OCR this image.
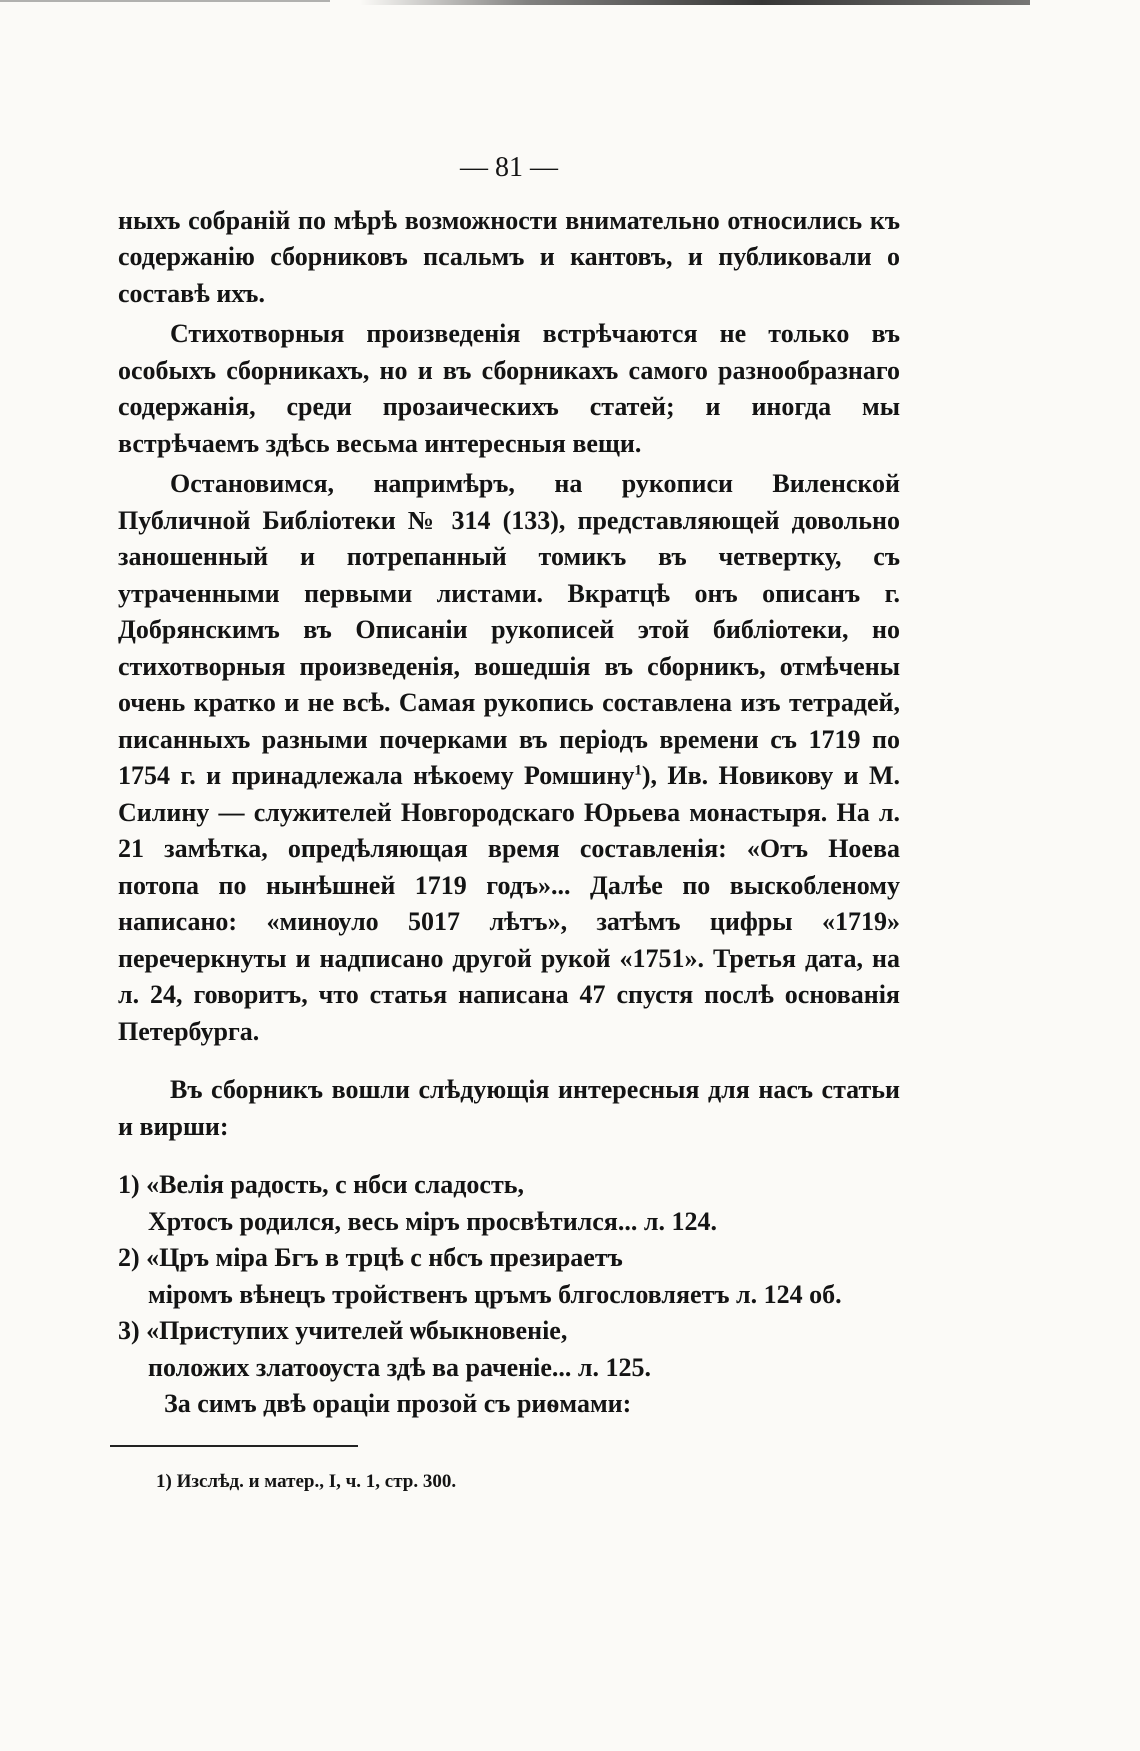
— 81 —

ныхъ собраній по мѣрѣ возможности внимательно относились къ содержанію сборниковъ псальмъ и кантовъ, и публиковали о составѣ ихъ.

Стихотворныя произведенія встрѣчаются не только въ особыхъ сборникахъ, но и въ сборникахъ самого разнообразнаго содержанія, среди прозаическихъ статей; и иногда мы встрѣчаемъ здѣсь весьма интересныя вещи.

Остановимся, напримѣръ, на рукописи Виленской Публичной Библіотеки № 314 (133), представляющей довольно заношенный и потрепанный томикъ въ четвертку, съ утраченными первыми листами. Вкратцѣ онъ описанъ г. Добрянскимъ въ Описаніи рукописей этой библіотеки, но стихотворныя произведенія, вошедшія въ сборникъ, отмѣчены очень кратко и не всѣ. Самая рукопись составлена изъ тетрадей, писанныхъ разными почерками въ періодъ времени съ 1719 по 1754 г. и принадлежала нѣкоему Ромшину$^1$), Ив. Новикову и М. Силину — служителей Новгородскаго Юрьева монастыря. На л. 21 замѣтка, опредѣляющая время составленія: «Отъ Ноева потопа по нынѣшней 1719 годъ»... Далѣе по выскобленому написано: «минѹло 5017 лѣтъ», затѣмъ цифры «1719» перечеркнуты и надписано другой рукой «1751». Третья дата, на л. 24, говоритъ, что статья написана 47 спустя послѣ основанія Петербурга.

Въ сборникъ вошли слѣдующія интересныя для насъ статьи и вирши:

1) «Велія радость, с нбси сладость,

Хртосъ родился, весь міръ просвѣтился... л. 124.

2) «Цръ міра Бгъ в трцѣ с нбсъ презираетъ

міромъ вѣнецъ тройственъ цръмъ блгословляетъ л. 124 об.

3) «Приступих учителей ѡбыкновеніе,

положих златоѹста здѣ ва раченіе... л. 125.

За симъ двѣ ораціи прозой съ риѳмами:

1) Изслѣд. и матер., I, ч. 1, стр. 300.
